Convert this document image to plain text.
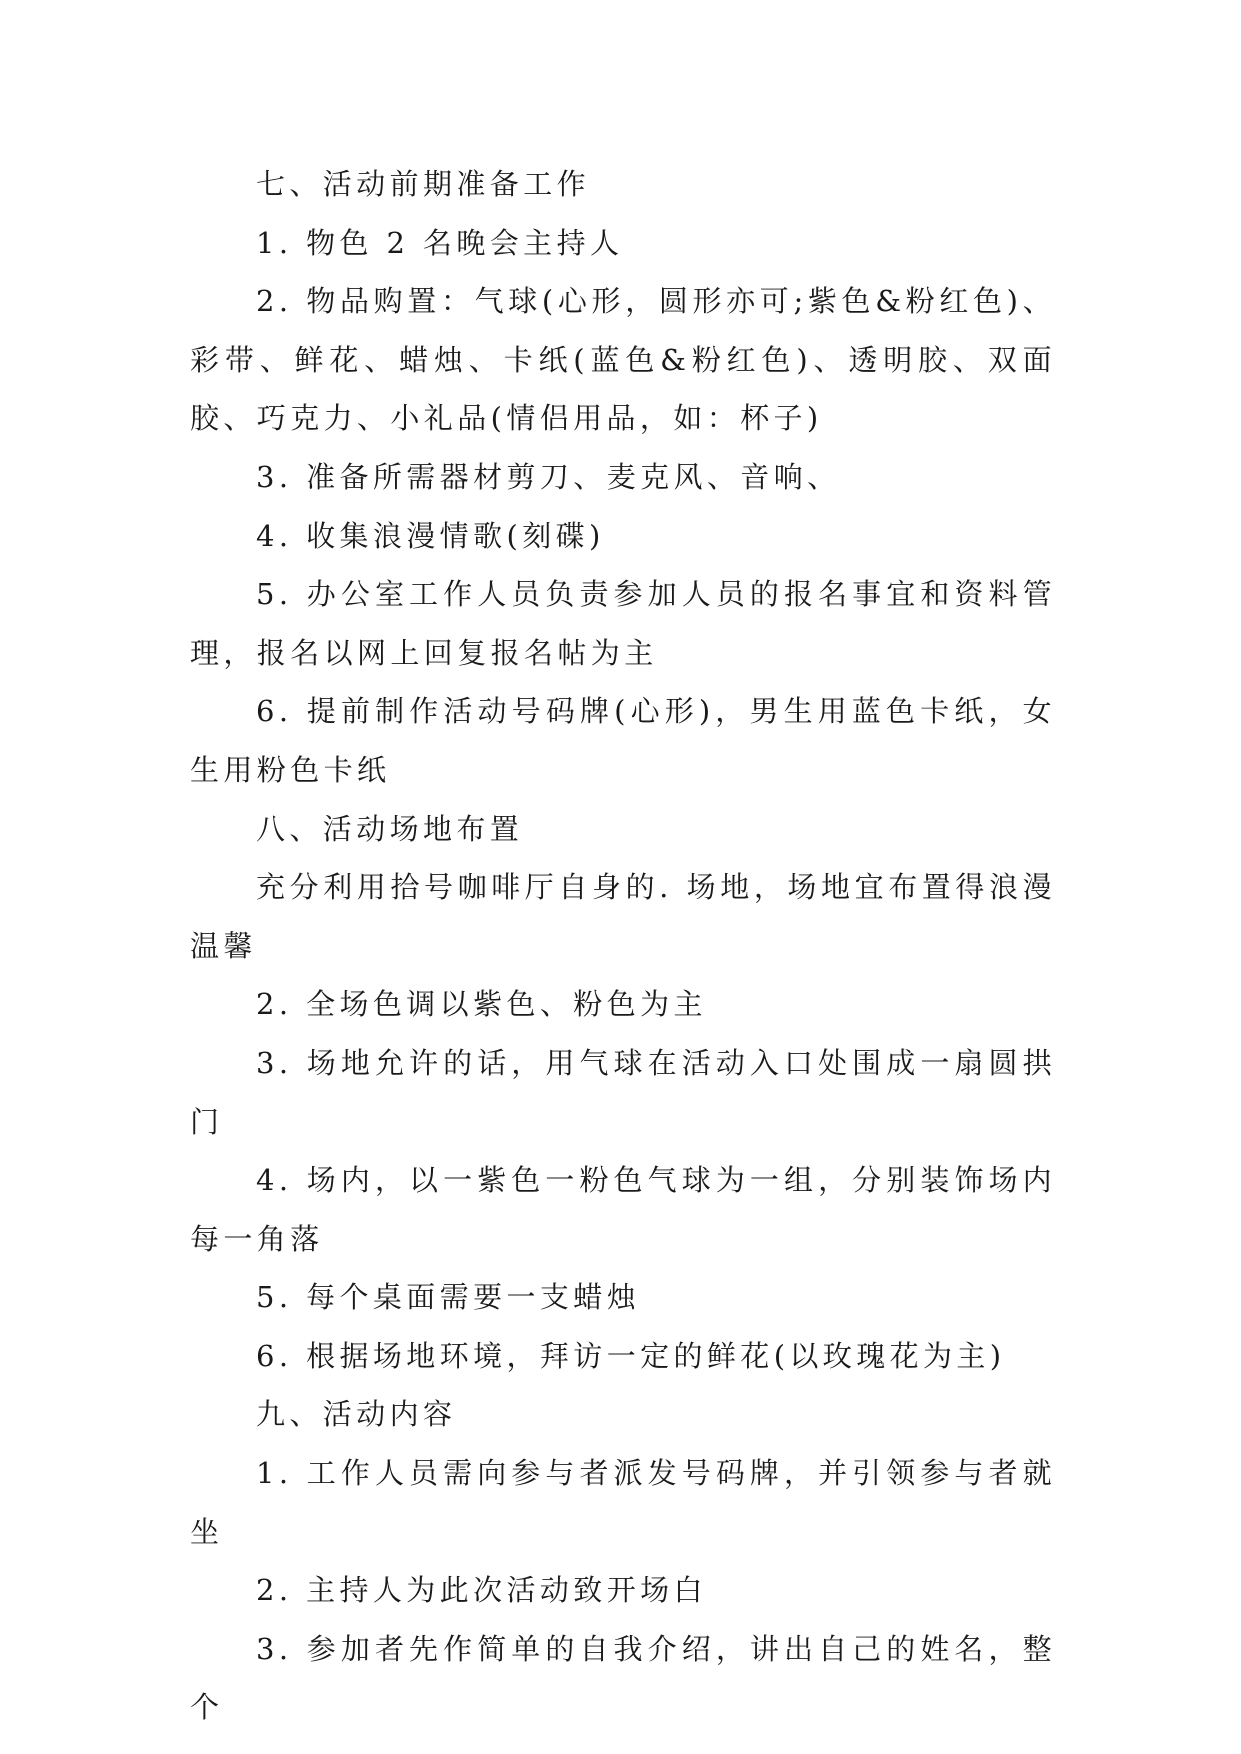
七、活动前期准备工作

1. 物色 2 名晚会主持人

2. 物品购置：气球(心形，圆形亦可;紫色&粉红色)、彩带、鲜花、蜡烛、卡纸(蓝色&粉红色)、透明胶、双面胶、巧克力、小礼品(情侣用品，如：杯子)

3. 准备所需器材剪刀、麦克风、音响、

4. 收集浪漫情歌(刻碟)

5. 办公室工作人员负责参加人员的报名事宜和资料管理，报名以网上回复报名帖为主

6. 提前制作活动号码牌(心形)，男生用蓝色卡纸，女生用粉色卡纸

八、活动场地布置

充分利用拾号咖啡厅自身的. 场地，场地宜布置得浪漫温馨

2. 全场色调以紫色、粉色为主

3. 场地允许的话，用气球在活动入口处围成一扇圆拱门

4. 场内，以一紫色一粉色气球为一组，分别装饰场内每一角落

5. 每个桌面需要一支蜡烛

6. 根据场地环境，拜访一定的鲜花(以玫瑰花为主)

九、活动内容

1. 工作人员需向参与者派发号码牌，并引领参与者就坐

2. 主持人为此次活动致开场白

3. 参加者先作简单的自我介绍，讲出自己的姓名，整个
